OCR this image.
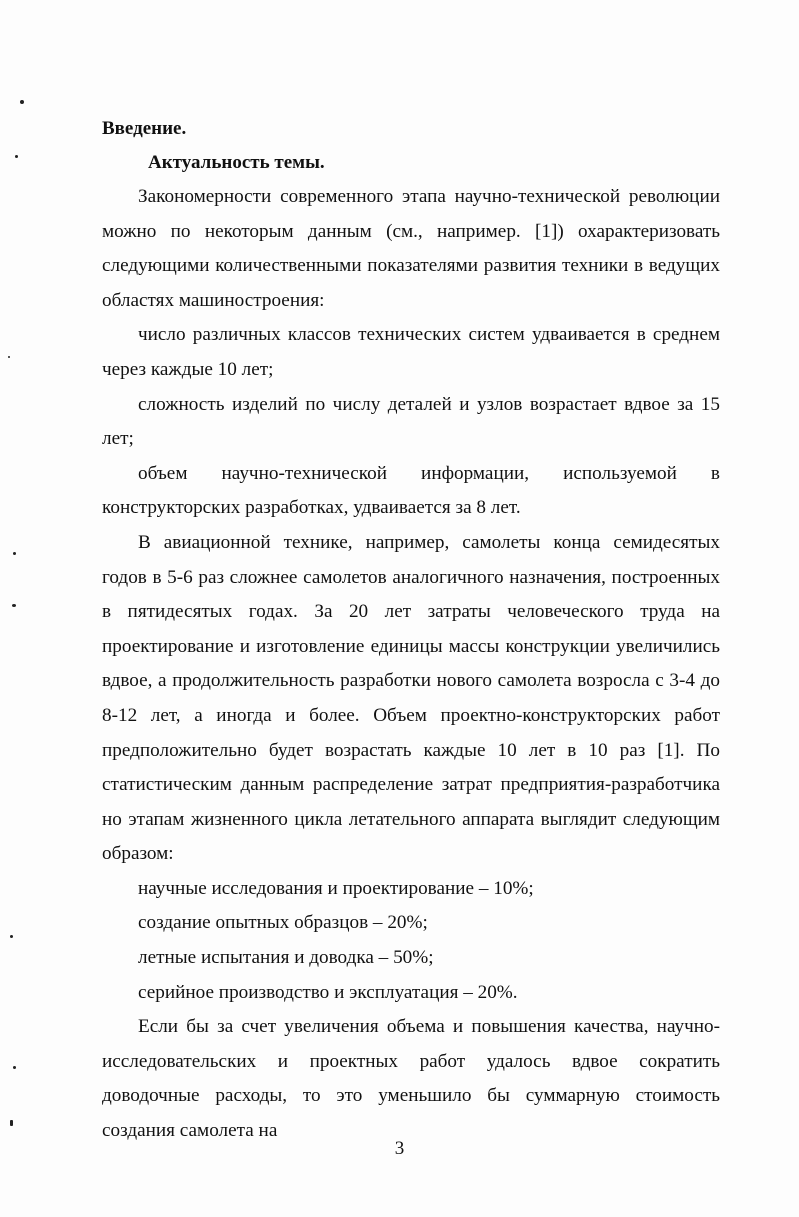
Введение.

Актуальность темы.

Закономерности современного этапа научно-технической революции можно по некоторым данным (см., например. [1]) охарактеризовать следующими количественными показателями развития техники в ведущих областях машиностроения:

число различных классов технических систем удваивается в среднем через каждые 10 лет;

сложность изделий по числу деталей и узлов возрастает вдвое за 15 лет;

объем научно-технической информации, используемой в конструкторских разработках, удваивается за 8 лет.

В авиационной технике, например, самолеты конца семидесятых годов в 5-6 раз сложнее самолетов аналогичного назначения, построенных в пятидесятых годах. За 20 лет затраты человеческого труда на проектирование и изготовление единицы массы конструкции увеличились вдвое, а продолжительность разработки нового самолета возросла с 3-4 до 8-12 лет, а иногда и более. Объем проектно-конструкторских работ предположительно будет возрастать каждые 10 лет в 10 раз [1]. По статистическим данным распределение затрат предприятия-разработчика но этапам жизненного цикла летательного аппарата выглядит следующим образом:

научные исследования и проектирование – 10%;

создание опытных образцов – 20%;

летные испытания и доводка – 50%;

серийное производство и эксплуатация – 20%.

Если бы за счет увеличения объема и повышения качества, научно-исследовательских и проектных работ удалось вдвое сократить доводочные расходы, то это уменьшило бы суммарную стоимость создания самолета на

3
